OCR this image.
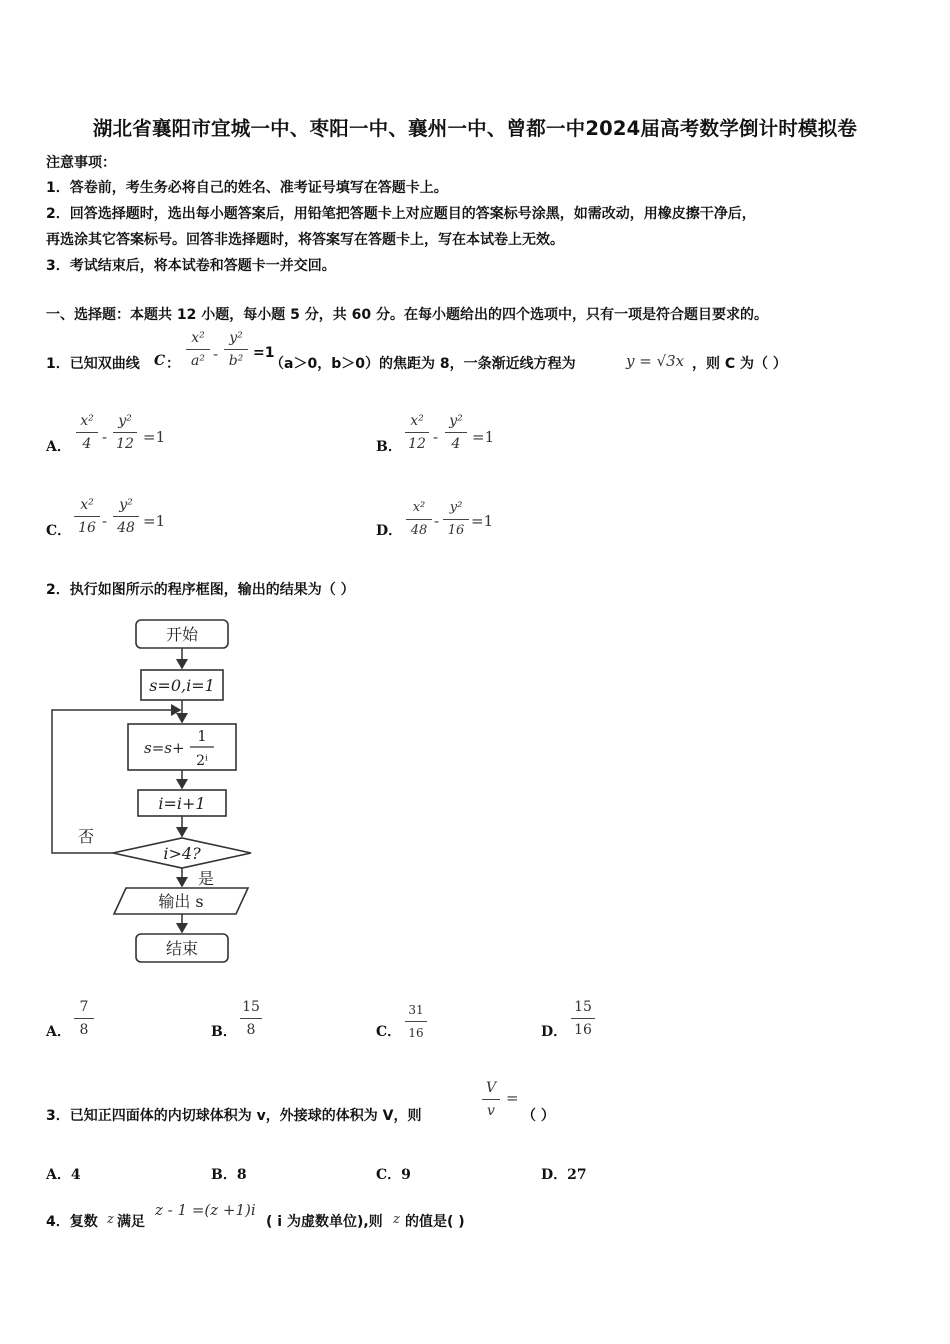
湖北省襄阳市宜城一中、枣阳一中、襄州一中、曾都一中2024届高考数学倒计时模拟卷
注意事项：
1．答卷前，考生务必将自己的姓名、准考证号填写在答题卡上。
2．回答选择题时，选出每小题答案后，用铅笔把答题卡上对应题目的答案标号涂黑，如需改动，用橡皮擦干净后，
再选涂其它答案标号。回答非选择题时，将答案写在答题卡上，写在本试卷上无效。
3．考试结束后，将本试卷和答题卡一并交回。
一、选择题：本题共 12 小题，每小题 5 分，共 60 分。在每小题给出的四个选项中，只有一项是符合题目要求的。
1．已知双曲线 C ：
x²
a² -
y²
b² =1
（a＞0，b＞0）的焦距为 8，一条渐近线方程为	y = √3x ，则 C 为（ ）
A．
x²
4 -
y²
12 =1
B．
x²
12 -
y²
4 =1
C．
x²
16 -
y²
48 =1
D．
x²
48
-
y²
16
=1
2．执行如图所示的程序框图，输出的结果为（ ）
开始
s=0,i=1
s=s+
1
2ⁱ
i=i+1
i>4?
否
是
输出 s
结束
A．
7
8	B．
15
8	C．
31
16	D．
15
16
3．已知正四面体的内切球体积为 v，外接球的体积为 V，则
V
v
=
（ ）
A．4	B．8	C．9	D．27
4．复数 z 满足
z - 1 =(z +1)i
( i 为虚数单位),则 z 的值是( )
